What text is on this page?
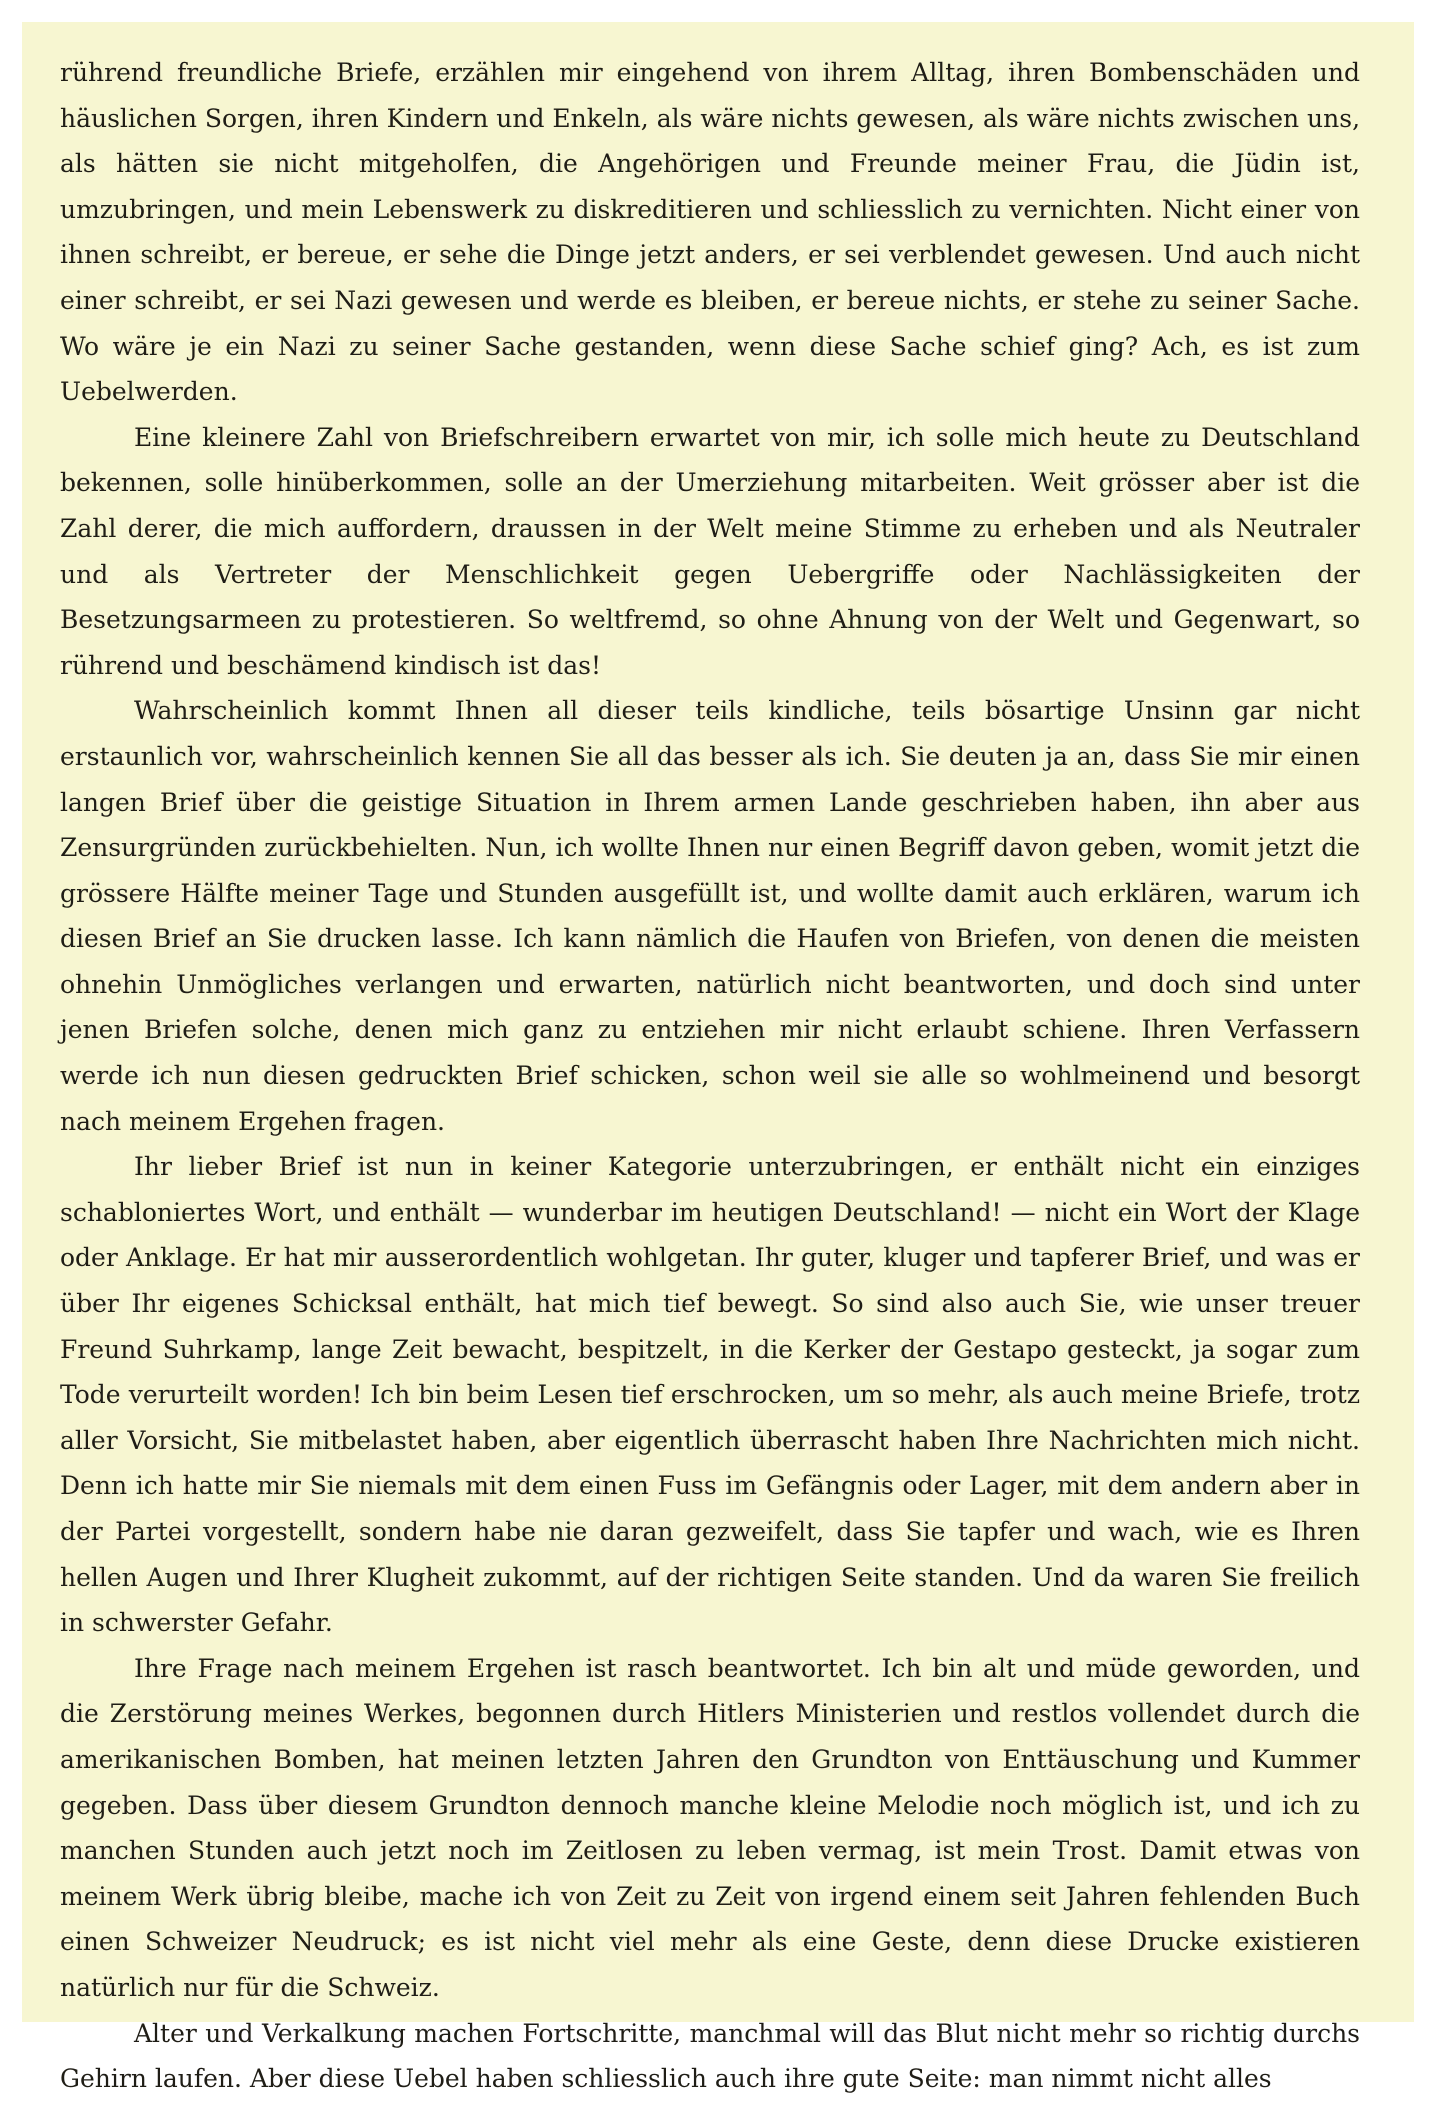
rührend freundliche Briefe, erzählen mir eingehend von ihrem Alltag, ihren Bombenschäden und häuslichen Sorgen, ihren Kindern und Enkeln, als wäre nichts gewesen, als wäre nichts zwischen uns, als hätten sie nicht mitgeholfen, die Angehörigen und Freunde meiner Frau, die Jüdin ist, umzubringen, und mein Lebenswerk zu diskreditieren und schliesslich zu vernichten. Nicht einer von ihnen schreibt, er bereue, er sehe die Dinge jetzt anders, er sei verblendet gewesen. Und auch nicht einer schreibt, er sei Nazi gewesen und werde es bleiben, er bereue nichts, er stehe zu seiner Sache. Wo wäre je ein Nazi zu seiner Sache gestanden, wenn diese Sache schief ging? Ach, es ist zum Uebelwerden.

Eine kleinere Zahl von Briefschreibern erwartet von mir, ich solle mich heute zu Deutschland bekennen, solle hinüberkommen, solle an der Umerziehung mitarbeiten. Weit grösser aber ist die Zahl derer, die mich auffordern, draussen in der Welt meine Stimme zu erheben und als Neutraler und als Vertreter der Menschlichkeit gegen Uebergriffe oder Nachlässigkeiten der Besetzungsarmeen zu protestieren. So weltfremd, so ohne Ahnung von der Welt und Gegenwart, so rührend und beschämend kindisch ist das!

Wahrscheinlich kommt Ihnen all dieser teils kindliche, teils bösartige Unsinn gar nicht erstaunlich vor, wahrscheinlich kennen Sie all das besser als ich. Sie deuten ja an, dass Sie mir einen langen Brief über die geistige Situation in Ihrem armen Lande geschrieben haben, ihn aber aus Zensurgründen zurückbehielten. Nun, ich wollte Ihnen nur einen Begriff davon geben, womit jetzt die grössere Hälfte meiner Tage und Stunden ausgefüllt ist, und wollte damit auch erklären, warum ich diesen Brief an Sie drucken lasse. Ich kann nämlich die Haufen von Briefen, von denen die meisten ohnehin Unmögliches verlangen und erwarten, natürlich nicht beantworten, und doch sind unter jenen Briefen solche, denen mich ganz zu entziehen mir nicht erlaubt schiene. Ihren Verfassern werde ich nun diesen gedruckten Brief schicken, schon weil sie alle so wohlmeinend und besorgt nach meinem Ergehen fragen.

Ihr lieber Brief ist nun in keiner Kategorie unterzubringen, er enthält nicht ein einziges schabloniertes Wort, und enthält — wunderbar im heutigen Deutschland! — nicht ein Wort der Klage oder Anklage. Er hat mir ausserordentlich wohlgetan. Ihr guter, kluger und tapferer Brief, und was er über Ihr eigenes Schicksal enthält, hat mich tief bewegt. So sind also auch Sie, wie unser treuer Freund Suhrkamp, lange Zeit bewacht, bespitzelt, in die Kerker der Gestapo gesteckt, ja sogar zum Tode verurteilt worden! Ich bin beim Lesen tief erschrocken, um so mehr, als auch meine Briefe, trotz aller Vorsicht, Sie mitbelastet haben, aber eigentlich überrascht haben Ihre Nachrichten mich nicht. Denn ich hatte mir Sie niemals mit dem einen Fuss im Gefängnis oder Lager, mit dem andern aber in der Partei vorgestellt, sondern habe nie daran gezweifelt, dass Sie tapfer und wach, wie es Ihren hellen Augen und Ihrer Klugheit zukommt, auf der richtigen Seite standen. Und da waren Sie freilich in schwerster Gefahr.

Ihre Frage nach meinem Ergehen ist rasch beantwortet. Ich bin alt und müde geworden, und die Zerstörung meines Werkes, begonnen durch Hitlers Ministerien und restlos vollendet durch die amerikanischen Bomben, hat meinen letzten Jahren den Grundton von Enttäuschung und Kummer gegeben. Dass über diesem Grundton dennoch manche kleine Melodie noch möglich ist, und ich zu manchen Stunden auch jetzt noch im Zeitlosen zu leben vermag, ist mein Trost. Damit etwas von meinem Werk übrig bleibe, mache ich von Zeit zu Zeit von irgend einem seit Jahren fehlenden Buch einen Schweizer Neudruck; es ist nicht viel mehr als eine Geste, denn diese Drucke existieren natürlich nur für die Schweiz.

Alter und Verkalkung machen Fortschritte, manchmal will das Blut nicht mehr so richtig durchs Gehirn laufen. Aber diese Uebel haben schliesslich auch ihre gute Seite: man nimmt nicht alles
